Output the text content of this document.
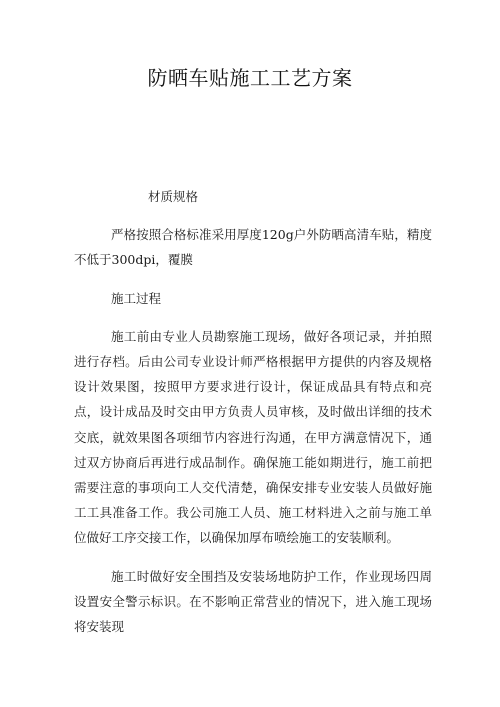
防晒车贴施工工艺方案

材质规格

严格按照合格标准采用厚度120g户外防晒高清车贴，精度不低于300dpi，覆膜

施工过程

施工前由专业人员勘察施工现场，做好各项记录，并拍照进行存档。后由公司专业设计师严格根据甲方提供的内容及规格设计效果图，按照甲方要求进行设计，保证成品具有特点和亮点，设计成品及时交由甲方负责人员审核，及时做出详细的技术交底，就效果图各项细节内容进行沟通，在甲方满意情况下，通过双方协商后再进行成品制作。确保施工能如期进行，施工前把需要注意的事项向工人交代清楚，确保安排专业安装人员做好施工工具准备工作。我公司施工人员、施工材料进入之前与施工单位做好工序交接工作，以确保加厚布喷绘施工的安装顺利。

施工时做好安全围挡及安装场地防护工作，作业现场四周设置安全警示标识。在不影响正常营业的情况下，进入施工现场将安装现
